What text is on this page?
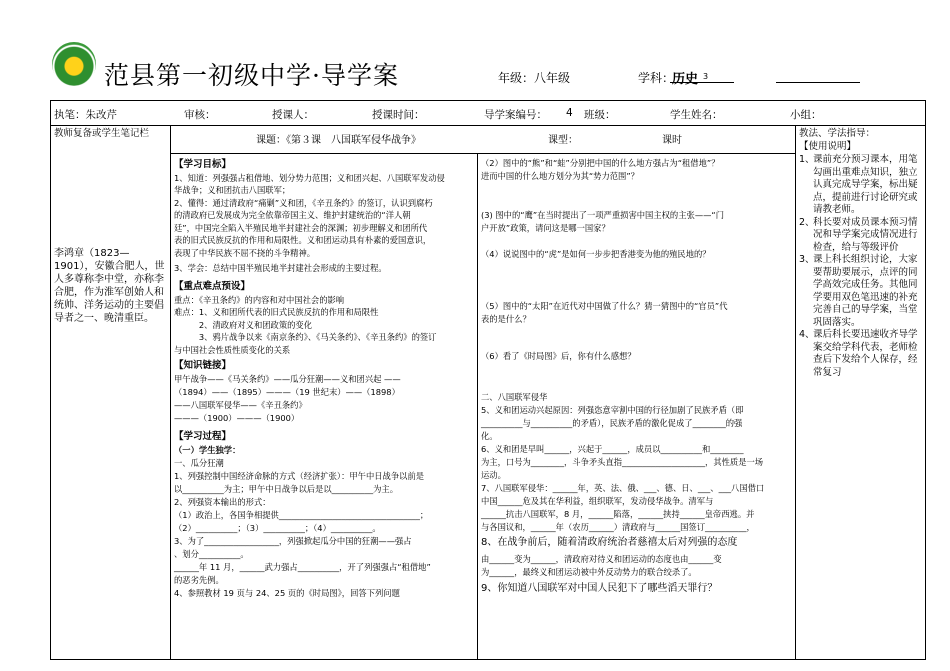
范县第一初级中学·导学案	年级：八年级	学科：
历史 3
执笔：朱改芹	审核：	授课人：	授课时间：	导学案编号： 4 班级：	学生姓名：	小组：
教师复备或学生笔记栏
李鸿章（1823—1901），安徽合肥人，世人多尊称李中堂，亦称李合肥，作为淮军创始人和统帅、洋务运动的主要倡导者之一、晚清重臣。
课题：《第３课　八国联军侵华战争》	课型：	课时
【学习目标】
1、知道：列强强占租借地、划分势力范围；义和团兴起、八国联军发动侵
华战争；义和团抗击八国联军；
2、懂得：通过清政府“痛剿”义和团，《辛丑条约》的签订，认识到腐朽
的清政府已发展成为完全依靠帝国主义、维护封建统治的“洋人朝
廷”，中国完全陷入半殖民地半封建社会的深渊；初步理解义和团所代
表的旧式民族反抗的作用和局限性。义和团运动具有朴素的爱国意识，
表现了中华民族不屈不挠的斗争精神。
3、学会：总结中国半殖民地半封建社会形成的主要过程。
【重点难点预设】
重点：《辛丑条约》的内容和对中国社会的影响
难点：1、义和团所代表的旧式民族反抗的作用和局限性
　　　2、清政府对义和团政策的变化
　　　3、鸦片战争以来《南京条约》、《马关条约》、《辛丑条约》的签订
与中国社会性质性质变化的关系
【知识链接】
甲午战争——《马关条约》——瓜分狂潮——义和团兴起 ——
（1894）——（1895）———（19 世纪末）——（1898）
——八国联军侵华——《辛丑条约》
———（1900）———（1900）
【学习过程】
（一）学生独学：
一、瓜分狂潮
1、列强控制中国经济命脉的方式（经济扩张）：甲午中日战争以前是
以__________为主；甲午中日战争以后是以__________为主。
2、列强资本输出的形式：
（1）政治上，各国争相提供__________________________________；
（2）__________；（3）__________；（4）__________。
3、为了__________________，列强掀起瓜分中国的狂潮——强占
、划分__________。
______年 11 月，______武力强占__________，开了列强强占“租借地”
的恶劣先例。
4、参照教材 19 页与 24、25 页的《时局图》，回答下列问题
（2）图中的“熊”和“蛙”分别把中国的什么地方强占为“租借地”？
进而中国的什么地方划分为其“势力范围”？
(3) 图中的“鹰”在当时提出了一项严重损害中国主权的主张——“门
户开放”政策，请问这是哪一国家？
（4）说说图中的“虎”是如何一步步把香港变为他的殖民地的？
（5）图中的“太阳”在近代对中国做了什么？猜一猜图中的“官员”代
表的是什么？
（6）看了《时局图》后，你有什么感想？
二、八国联军侵华
5、义和团运动兴起原因：列强恣意宰割中国的行径加剧了民族矛盾（即
__________与__________的矛盾），民族矛盾的激化促成了________的强
化。
6、义和团是早叫______，兴起于______，成员以__________和________
为主，口号为________，斗争矛头直指____________________，其性质是一场
运动。
7、八国联军侵华：______年，英、法、俄、___、德、日、___、___八国借口
中国______危及其在华利益，组织联军，发动侵华战争。清军与
______抗击八国联军，8 月，______陷落，______挟持______皇帝西逃。并
与各国议和，______年（农历______）清政府与______国签订__________，
8、在战争前后，随着清政府统治者慈禧太后对列强的态度
由______变为______，清政府对待义和团运动的态度也由______变
为______，最终义和团运动被中外反动势力的联合绞杀了。
9、你知道八国联军对中国人民犯下了哪些滔天罪行？
教法、学法指导：
【使用说明】
1、
课前充分预习课本，用笔勾画出重难点知识，独立认真完成导学案，标出疑点，提前进行讨论研究或请教老师。
2、
科长要对成员课本预习情况和导学案完成情况进行检查，给与等级评价
3、
课上科长组织讨论，大家要帮助要展示，点评的同学高效完成任务。其他同学要用双色笔迅速的补充完善自己的导学案，当堂巩固落实。
4、
课后科长要迅速收齐导学案交给学科代表，老师检查后下发给个人保存，经常复习
